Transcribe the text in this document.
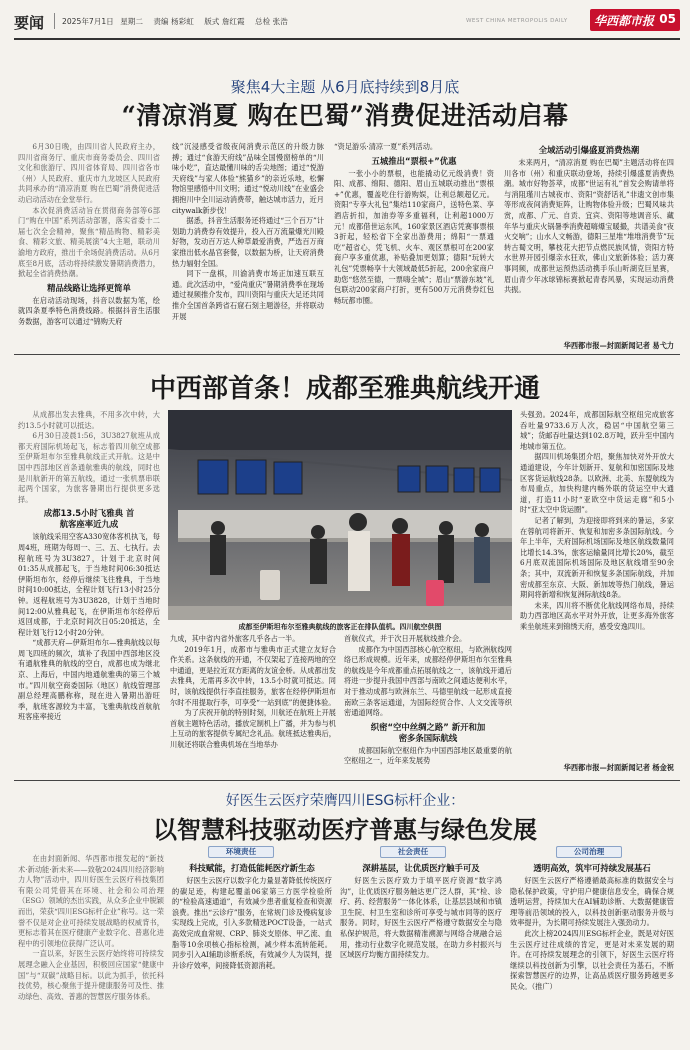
要闻 2025年7月1日 星期二 责编 杨彩虹 版式 詹红霞 总检 张浩	WEST CHINA METROPOLIS DAILY 华西都市报 05
聚焦4大主题 从6月底持续到8月底
“清凉消夏 购在巴蜀”消费促进活动启幕

6月30日晚，由四川省人民政府主办，四川省商务厅、重庆市商务委员会、四川省文化和旅游厅、四川省体育局、四川省各市（州）人民政府、重庆市九龙坡区人民政府共同承办的“清凉消夏 购在巴蜀”消费促进活动启动活动在金堂举行。

本次促消费活动旨在贯彻商务部等6部门“购在中国”系列活动部署，落实省委十二届七次全会精神，聚焦“精品购物、精彩美食、精彩文旅、精美展演”4大主题，联动川渝地方政府，推出千余场促消费活动。从6月底至8月底，活动将持续激发暑期消费潜力，掀起全省消费热潮。

精品线路让选择更简单

在启动活动现场，抖音以数据为笔，绘就四条夏季特色消费线路。根据抖音生活服务数据，游客可以通过“锦购天府

线”沉浸感受省级夜间消费示范区的升级力脉搏；通过“食游天府线”品味全国慢窗榜单的“川味小吃”，直达最懂川味的舌尖地图；通过“悦游天府线”与家人体验“熊猫乡”的亲近乐地，松懈物馆里感悟中川文明；通过“悦动川线”在业盛会拥抱川中全川运动消费带，触达城市活力，近月citywalk新步伐！

据悉，抖音生活服务还将通过“三个百万”计划助力消费券有效提升，投入百万流量爆光川殿好物，发动百万达人种草最爱消费，严选百万商家推出低水晶官套餐，以数据为桥，让天府消费热力辐射全国。

同下一盘棋，川渝消费市场正加速互联互通。此次活动中，“爱尚重庆”暑期消费季在现场通过视频推介发布，四川资阳与重庆大足还共同推介全国首条跨省石窟石刻主题游径，并将联动开展

“资足游乐·清凉一夏”系列活动。

五城推出“票根+”优惠

一张小小的票根，也能撬动亿元级消费！资阳、成都、绵阳、德阳、眉山五城联动推出“票根+”优惠，覆盖吃住行游购娱，让利总额超亿元。资阳“专享大礼包”集结110家商户，送特色菜、享酒店折扣，加油券等多重福利，让利超1000万元！成都借世运东风，160家景区酒店凭赛事票根3折起，轻松省下全家出游费用；绵阳“一票通吃”超省心，凭飞机、火车、观区票根可在200家商户享多重优惠，补贴叠加更划算；德阳“玩转大礼包”凭票畅享十大领域最低5折起，200余家商户助您“悠然至德，一票嗨全城”；眉山“票游东坡”礼包联动200家商户打折，更有500万元消费券红包畅玩都市圈。

全域活动引爆盛夏消费热潮

未来两月，“清凉消夏 购在巴蜀”主题活动将在四川各市（州）和重庆联动登场，持续引爆盛夏消费热潮。城市好物荟萃，成都“世运有礼”首发会购请单将与消阻瑾川古城夜市、资阳“资舒话礼”非遗文创市集等形成夜间消费矩阵，让购物体验升级；巴蜀风味共赏，成都、广元、自贡、宜宾、资阳等地调音乐、藏年华与重庆火锅暑季消费超嗨爆宝暖撮，共谱美食“夜火交响”；山水人文畅游，德阳三星堆“堆堆消费节”玩转古蜀文明，攀枝花大把节点燃民族风情，资阳方特水世界开园引爆亲水狂欢，佛山文旅新体验；活力赛事同频，成都世运预热活动携手乐山听湖克巨星赛，眉山青少年冰球锦标赛掀起青春风暴，实现运动消费共振。

华西都市报—封面新闻记者 易弋力
中西部首条！成都至雅典航线开通

从成都出发去雅典，不用多次中转，大约13.5小时就可以抵达。

6月30日凌晨1:56，3U3827航班从成都天府国际机场起飞，标志着四川航空成都至伊斯坦布尔至雅典航线正式开航。这是中国中西部地区首条通航雅典的航线，同时也是川航新开的第五航线，通过一张机票串联起两个国家，为旅客暑期出行提供更多选择。

成都13.5小时飞雅典 首航客座率近九成

该航线采用空客A330宽体客机执飞，每周4班，班期为每周一、三、五、七执行。去程航班号为3U3827，计划于北京时间01:35从成都起飞，于当地时间06:30抵达伊斯坦布尔，经停后继续飞往雅典，于当地时间10:00抵达，全程计划飞行13小时25分钟。返程航班号为3U3828，计划于当地时间12:00从雅典起飞，在伊斯坦布尔经停后返回成都，于北京时间次日05:20抵达，全程计划飞行12小时20分钟。

“成都天府—伊斯坦布尔—雅典航线以每周飞四班的频次，填补了我国中西部地区没有通航雅典的航线的空白，成都也成为继北京、上海后，中国内地通航雅典的第三个城市。”四川航空商委国际（地区）航线管理部副总经理高鹏称称，现在进入暑期出游旺季，航班客源较为丰富，飞雅典航线首航航班客座率接近

成都至伊斯坦布尔至雅典航线的旅客正在排队值机。四川航空供图

九成，其中省内省外旅客几乎各占一半。

2019年1月，成都市与雅典市正式建立友好合作关系。这条航线的开通，不仅架起了连接两地的空中通道，更是拉近双方距离的友谊金桥。从成都出发去雅典，无需再多次中转，13.5小时就可抵达。同时，该航线提供行李直挂服务，旅客在经停伊斯坦布尔时不用提取行李，可享受“一站到底”的便捷体验。

为了庆祝开航的特别时刻，川航还在航班上开展首航主题特色活动，播放定制机上广播，并为参与机上互动的旅客提供专属纪念礼品。航班抵达雅典后，川航还将联合雅典机场在当地举办

首航仪式，并于次日开展航线推介会。

成都作为中国西部核心航空枢纽，与欧洲航线网络已形成规模。近年来，成都经停伊斯坦布尔至雅典的航线是今年成都重点拓展航线之一，该航线开通后将进一步提升我国中西部与南欧之间通达便利水平，对于推动成都与欧洲东兰、马德里航线一起形成直接南欧三条客运通道，为国际经贸合作、人文交流等织密通道网络。

织密“空中丝绸之路” 新开和加密多条国际航线

成都国际航空枢纽作为中国西部地区最重要的航空枢纽之一，近年来发展势

头强劲。2024年，成都国际航空枢纽完成旅客吞吐量9733.6万人次，稳居“中国航空第三城”；货邮吞吐量达到102.8万吨，跃升至中国内地城市第五位。

据四川机场集团介绍，聚焦加快对外开放大通道建设，今年计划新开、复航和加密国际及地区客货运航线28条。以欧洲、北美、东盟航线为布局重点，加快构建内畅外联的货运空中大通道，打造11小时“亚欧空中货运走廊”和5小时“亚太空中货运圈”。

记者了解到，为迎接即将到来的暑运，多家在蓉航司将新开、恢复和加密多条国际航线。今年上半年，天府国际机场国际及地区航线数量同比增长14.3%，旅客运输量同比增长20%，截至6月底双流国际机场国际及地区航线增至90余条；其中，双流新开和恢复多条国际航线，并加密成都至东京、大阪、新加坡等热门航线，暑运期间将新增和恢复洲际航线8条。

未来，四川将不断优化航线网络布局，持续助力西部地区高水平对外开放，让更多海外旅客乘坐航班来到锦绣天府，感受安逸四川。

华西都市报—封面新闻记者 杨金祝
好医生云医疗荣膺四川ESG标杆企业：
以智慧科技驱动医疗普惠与绿色发展

在由封面新闻、华西都市报发起的“新技术·新动能·新未来——致敬2024四川经济影响力人物”活动中，四川好医生云医疗科技集团有限公司凭借其在环境、社会和公司治理（ESG）领域的杰出实践，从众多企业中脱颖而出，荣获“四川ESG标杆企业”称号。这一荣誉不仅是对企业可持续发展战略的权威背书，更标志着其在医疗健康产业数字化、普惠化进程中的引领地位获得广泛认可。

一直以来，好医生云医疗始终将可持续发展理念融入企业基因，积极回应国家“健康中国”与“双碳”战略目标。以此为抓手，依托科技优势，核心聚焦于提升健康服务可及性、推动绿色、高效、普惠的智慧医疗服务体系。

环境责任
科技赋能，打造低能耗医疗新生态

好医生云医疗以数字化力量显著降低传统医疗的碳足迹，构建起覆盖06家第三方医学检验所的“检验高速通道”，有效减少患者重复检查和资源浪费。推出“云诊疗”服务，在常规门诊及慢病复诊实现线上完成，引入多款精选POCT设备，一站式高效完成血常规、CRP、肺炎支原体、甲乙流、血脂等10余项核心指标检测，减少样本流转能耗。同步引入AI辅助诊断系统，有效减少人为误判，提升诊疗效率，间接降低资源消耗。

社会责任
深耕基层，让优质医疗触手可及

好医生云医疗致力于填平医疗资源“数字鸿沟”，让优质医疗服务触达更广泛人群，其“检、诊疗、药、经营服务”一体化体系，让基层县域和市镇卫生院、村卫生室和诊所可享受与城市同等的医疗服务。同时，好医生云医疗严格遵守数据安全与隐私保护规范，将大数据精准溯源与网络合规融合运用，推动行业数字化规范发展，在助力乡村振兴与区域医疗均衡方面持续发力。

公司治理
透明高效，筑牢可持续发展基石

好医生云医疗严格遵循最高标准的数据安全与隐私保护政策，守护用户健康信息安全，确保合规透明运营，持续加大在AI辅助诊断、大数据健康管理等前沿领域的投入，以科技创新驱动服务升级与效率提升，为长期可持续发展注入强劲动力。

此次上榜2024四川ESG标杆企业，既是对好医生云医疗过往成绩的肯定，更是对未来发展的期许。在可持续发展理念的引领下，好医生云医疗将继续以科技创新为引擎，以社会责任为基石，不断探索智慧医疗的边界，让高品质医疗服务跨越更多民众。（推广）
